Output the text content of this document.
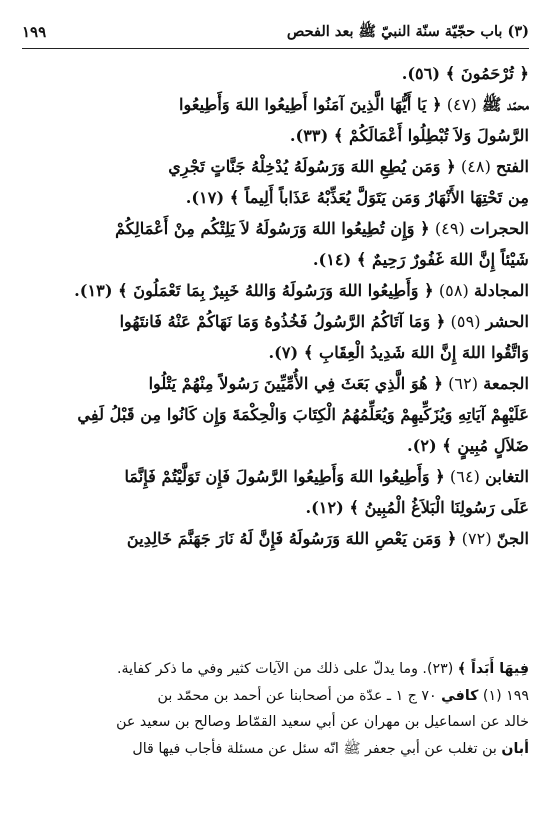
(٣) باب حجّيّة سنّة النبيّ ﷺ بعد الفحص
١٩٩
﴿ تُرْحَمُونَ ﴾ (٥٦).
محمّد ﷺ (٤٧) ﴿ يَا أَيُّهَا الَّذِينَ آمَنُوا أَطِيعُوا اللهَ وَأَطِيعُوا
الرَّسُولَ وَلاَ تُبْطِلُوا أَعْمَالَكُمْ ﴾ (٣٣).
الفتح (٤٨) ﴿ وَمَن يُطِعِ اللهَ وَرَسُولَهُ يُدْخِلْهُ جَنَّاتٍ تَجْرِي
مِن تَحْتِهَا الأَنْهَارُ وَمَن يَتَوَلَّ يُعَذِّبْهُ عَذَاباً أَلِيماً ﴾ (١٧).
الحجرات (٤٩) ﴿ وَإِن تُطِيعُوا اللهَ وَرَسُولَهُ لاَ يَلِتْكُم مِنْ أَعْمَالِكُمْ
شَيْئاً إِنَّ اللهَ غَفُورٌ رَحِيمٌ ﴾ (١٤).
المجادلة (٥٨) ﴿ وَأَطِيعُوا اللهَ وَرَسُولَهُ وَاللهُ خَبِيرٌ بِمَا تَعْمَلُونَ ﴾ (١٣).
الحشر (٥٩) ﴿ وَمَا آتَاكُمُ الرَّسُولُ فَخُذُوهُ وَمَا نَهَاكُمْ عَنْهُ فَانتَهُوا
وَاتَّقُوا اللهَ إِنَّ اللهَ شَدِيدُ الْعِقَابِ ﴾ (٧).
الجمعة (٦٢) ﴿ هُوَ الَّذِي بَعَثَ فِي الأُمِّيِّينَ رَسُولاً مِنْهُمْ يَتْلُوا
عَلَيْهِمْ آيَاتِهِ وَيُزَكِّيهِمْ وَيُعَلِّمُهُمُ الْكِتَابَ وَالْحِكْمَةَ وَإِن كَانُوا مِن قَبْلُ لَفِي
ضَلاَلٍ مُبِينٍ ﴾ (٢).
التغابن (٦٤) ﴿ وَأَطِيعُوا اللهَ وَأَطِيعُوا الرَّسُولَ فَإِن تَوَلَّيْتُمْ فَإِنَّمَا
عَلَى رَسُولِنَا الْبَلاَغُ الْمُبِينُ ﴾ (١٢).
الجنّ (٧٢) ﴿ وَمَن يَعْصِ اللهَ وَرَسُولَهُ فَإِنَّ لَهُ نَارَ جَهَنَّمَ خَالِدِينَ
فِيهَا أَبَداً ﴾ (٢٣). وما يدلّ على ذلك من الآيات كثير وفي ما ذكر كفاية.
١٩٩ (١) كافي ٧٠ ج ١ ـ عدّة من أصحابنا عن أحمد بن محمّد بن
خالد عن اسماعيل بن مهران عن أبي سعيد القمّاط وصالح بن سعيد عن
أبان بن تغلب عن أبي جعفر ﷺ انّه سئل عن مسئلة فأجاب فيها قال
